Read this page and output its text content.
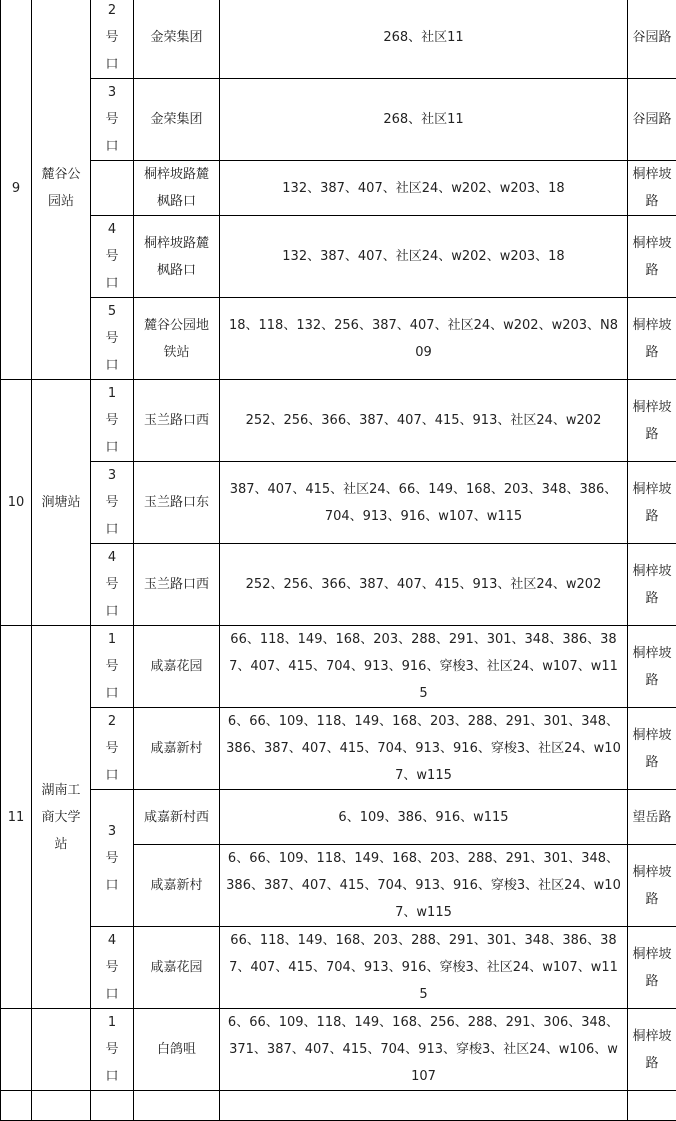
9	麓谷公园站	2号口	金荣集团	268、社区11	谷园路
		3号口	金荣集团	268、社区11	谷园路
			桐梓坡路麓枫路口	132、387、407、社区24、w202、w203、18	桐梓坡路
		4号口	桐梓坡路麓枫路口	132、387、407、社区24、w202、w203、18	桐梓坡路
		5号口	麓谷公园地铁站	18、118、132、256、387、407、社区24、w202、w203、N809	桐梓坡路
10	涧塘站	1号口	玉兰路口西	252、256、366、387、407、415、913、社区24、w202	桐梓坡路
		3号口	玉兰路口东	387、407、415、社区24、66、149、168、203、348、386、704、913、916、w107、w115	桐梓坡路
		4号口	玉兰路口西	252、256、366、387、407、415、913、社区24、w202	桐梓坡路
11	湖南工商大学站	1号口	咸嘉花园	66、118、149、168、203、288、291、301、348、386、387、407、415、704、913、916、穿梭3、社区24、w107、w115	桐梓坡路
		2号口	咸嘉新村	6、66、109、118、149、168、203、288、291、301、348、386、387、407、415、704、913、916、穿梭3、社区24、w107、w115	桐梓坡路
		3号口	咸嘉新村西	6、109、386、916、w115	望岳路
			咸嘉新村	6、66、109、118、149、168、203、288、291、301、348、386、387、407、415、704、913、916、穿梭3、社区24、w107、w115	桐梓坡路
		4号口	咸嘉花园	66、118、149、168、203、288、291、301、348、386、387、407、415、704、913、916、穿梭3、社区24、w107、w115	桐梓坡路
		1号口	白鸽咀	6、66、109、118、149、168、256、288、291、306、348、371、387、407、415、704、913、穿梭3、社区24、w106、w107	桐梓坡路
